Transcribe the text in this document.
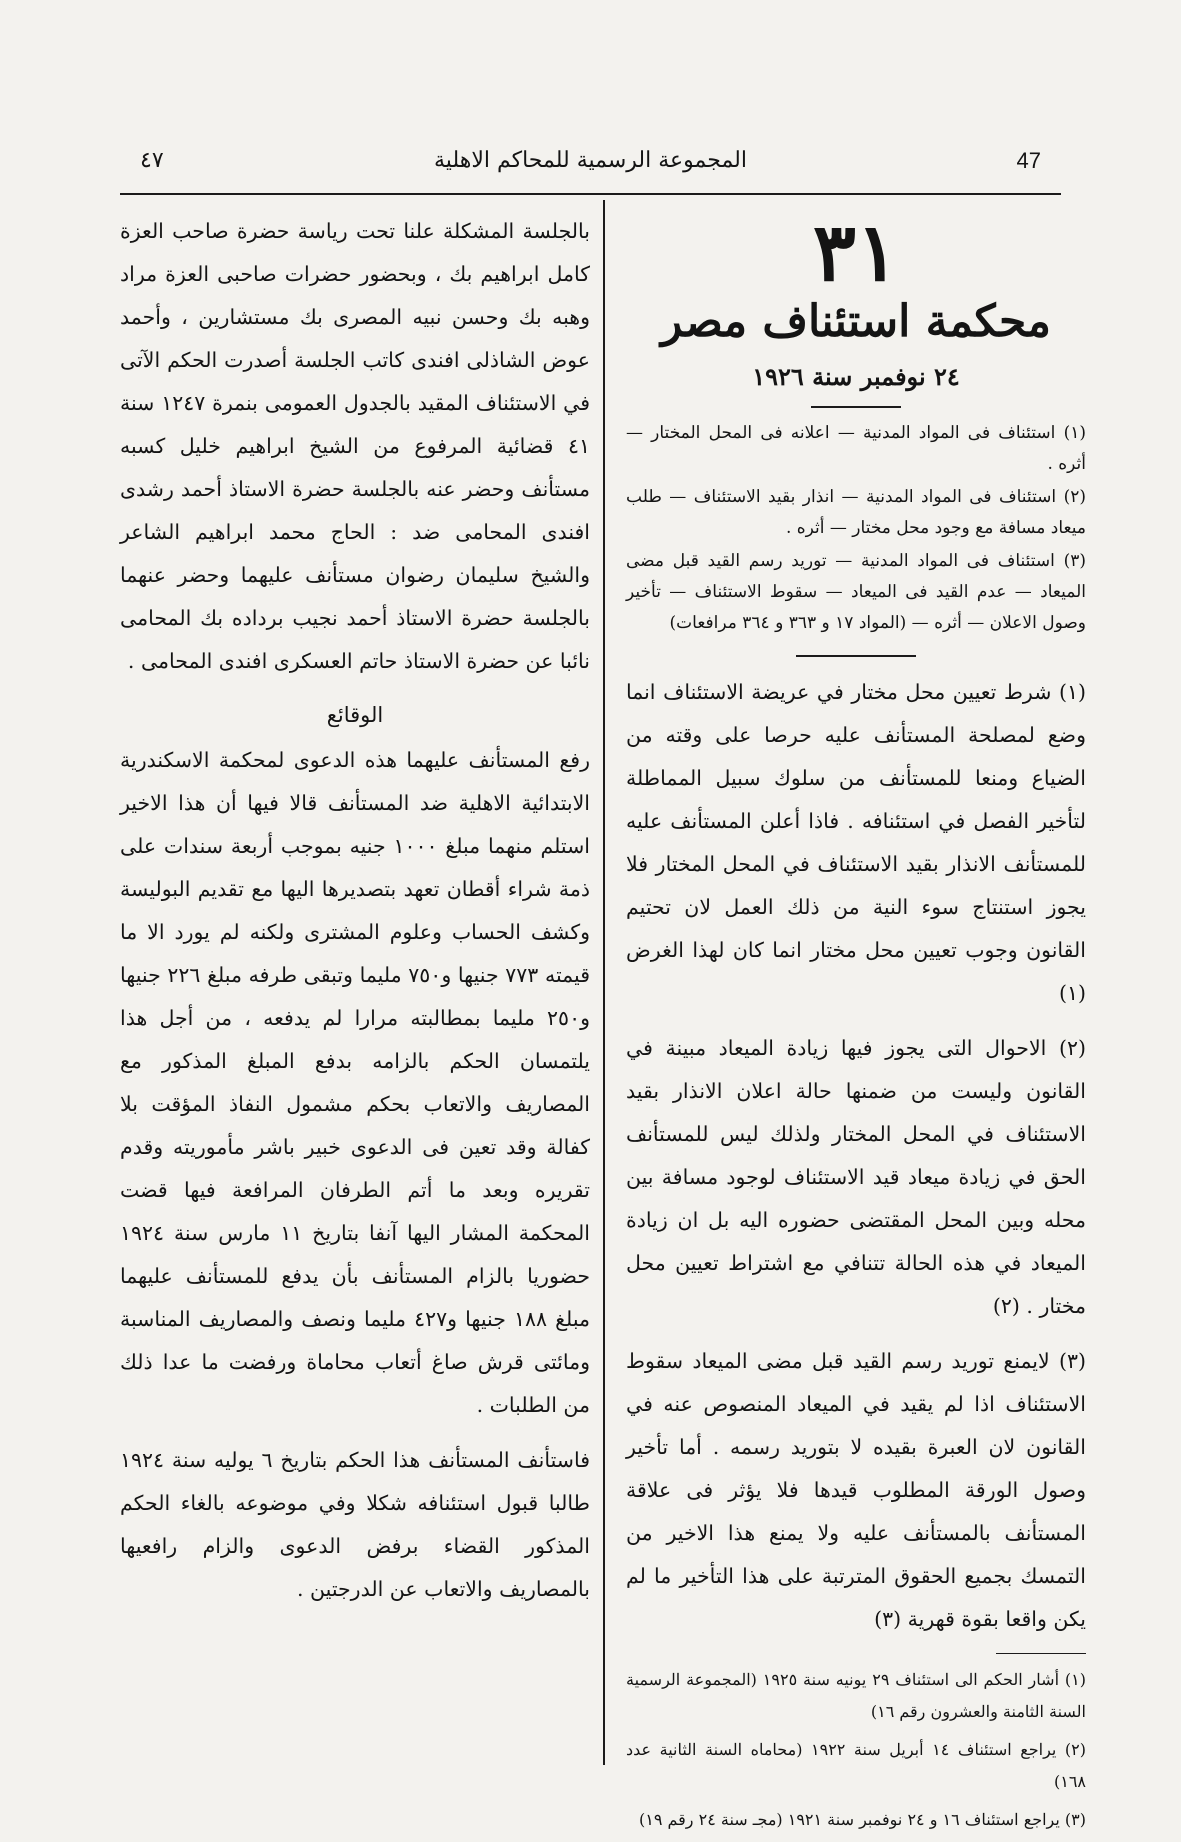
٤٧	المجموعة الرسمية للمحاكم الاهلية	47
٣١
محكمة استئناف مصر
٢٤ نوفمبر سنة ١٩٢٦

(١) استئناف فى المواد المدنية — اعلانه فى المحل المختار — أثره .

(٢) استئناف فى المواد المدنية — انذار بقيد الاستئناف — طلب ميعاد مسافة مع وجود محل مختار — أثره .

(٣) استئناف فى المواد المدنية — توريد رسم القيد قبل مضى الميعاد — عدم القيد فى الميعاد — سقوط الاستئناف — تأخير وصول الاعلان — أثره — (المواد ١٧ و ٣٦٣ و ٣٦٤ مرافعات)

(١) شرط تعيين محل مختار في عريضة الاستئناف انما وضع لمصلحة المستأنف عليه حرصا على وقته من الضياع ومنعا للمستأنف من سلوك سبيل المماطلة لتأخير الفصل في استئنافه . فاذا أعلن المستأنف عليه للمستأنف الانذار بقيد الاستئناف في المحل المختار فلا يجوز استنتاج سوء النية من ذلك العمل لان تحتيم القانون وجوب تعيين محل مختار انما كان لهذا الغرض (١)

(٢) الاحوال التى يجوز فيها زيادة الميعاد مبينة في القانون وليست من ضمنها حالة اعلان الانذار بقيد الاستئناف في المحل المختار ولذلك ليس للمستأنف الحق في زيادة ميعاد قيد الاستئناف لوجود مسافة بين محله وبين المحل المقتضى حضوره اليه بل ان زيادة الميعاد في هذه الحالة تتنافي مع اشتراط تعيين محل مختار . (٢)

(٣) لايمنع توريد رسم القيد قبل مضى الميعاد سقوط الاستئناف اذا لم يقيد في الميعاد المنصوص عنه في القانون لان العبرة بقيده لا بتوريد رسمه . أما تأخير وصول الورقة المطلوب قيدها فلا يؤثر فى علاقة المستأنف بالمستأنف عليه ولا يمنع هذا الاخير من التمسك بجميع الحقوق المترتبة على هذا التأخير ما لم يكن واقعا بقوة قهرية (٣)

(١) أشار الحكم الى استئناف ٢٩ يونيه سنة ١٩٢٥ (المجموعة الرسمية السنة الثامنة والعشرون رقم ١٦)

(٢) يراجع استئناف ١٤ أبريل سنة ١٩٢٢ (محاماه السنة الثانية عدد ١٦٨)

(٣) يراجع استئناف ١٦ و ٢٤ نوفمبر سنة ١٩٢١ (مجـ سنة ٢٤ رقم ١٩)

بالجلسة المشكلة علنا تحت رياسة حضرة صاحب العزة كامل ابراهيم بك ، وبحضور حضرات صاحبى العزة مراد وهبه بك وحسن نبيه المصرى بك مستشارين ، وأحمد عوض الشاذلى افندى كاتب الجلسة أصدرت الحكم الآتى في الاستئناف المقيد بالجدول العمومى بنمرة ١٢٤٧ سنة ٤١ قضائية المرفوع من الشيخ ابراهيم خليل كسبه مستأنف وحضر عنه بالجلسة حضرة الاستاذ أحمد رشدى افندى المحامى ضد : الحاج محمد ابراهيم الشاعر والشيخ سليمان رضوان مستأنف عليهما وحضر عنهما بالجلسة حضرة الاستاذ أحمد نجيب برداده بك المحامى نائبا عن حضرة الاستاذ حاتم العسكرى افندى المحامى .

الوقائع

رفع المستأنف عليهما هذه الدعوى لمحكمة الاسكندرية الابتدائية الاهلية ضد المستأنف قالا فيها أن هذا الاخير استلم منهما مبلغ ١٠٠٠ جنيه بموجب أربعة سندات على ذمة شراء أقطان تعهد بتصديرها اليها مع تقديم البوليسة وكشف الحساب وعلوم المشترى ولكنه لم يورد الا ما قيمته ٧٧٣ جنيها و٧٥٠ مليما وتبقى طرفه مبلغ ٢٢٦ جنيها و٢٥٠ مليما بمطالبته مرارا لم يدفعه ، من أجل هذا يلتمسان الحكم بالزامه بدفع المبلغ المذكور مع المصاريف والاتعاب بحكم مشمول النفاذ المؤقت بلا كفالة وقد تعين فى الدعوى خبير باشر مأموريته وقدم تقريره وبعد ما أتم الطرفان المرافعة فيها قضت المحكمة المشار اليها آنفا بتاريخ ١١ مارس سنة ١٩٢٤ حضوريا بالزام المستأنف بأن يدفع للمستأنف عليهما مبلغ ١٨٨ جنيها و٤٢٧ مليما ونصف والمصاريف المناسبة ومائتى قرش صاغ أتعاب محاماة ورفضت ما عدا ذلك من الطلبات .

فاستأنف المستأنف هذا الحكم بتاريخ ٦ يوليه سنة ١٩٢٤ طالبا قبول استئنافه شكلا وفي موضوعه بالغاء الحكم المذكور القضاء برفض الدعوى والزام رافعيها بالمصاريف والاتعاب عن الدرجتين .
